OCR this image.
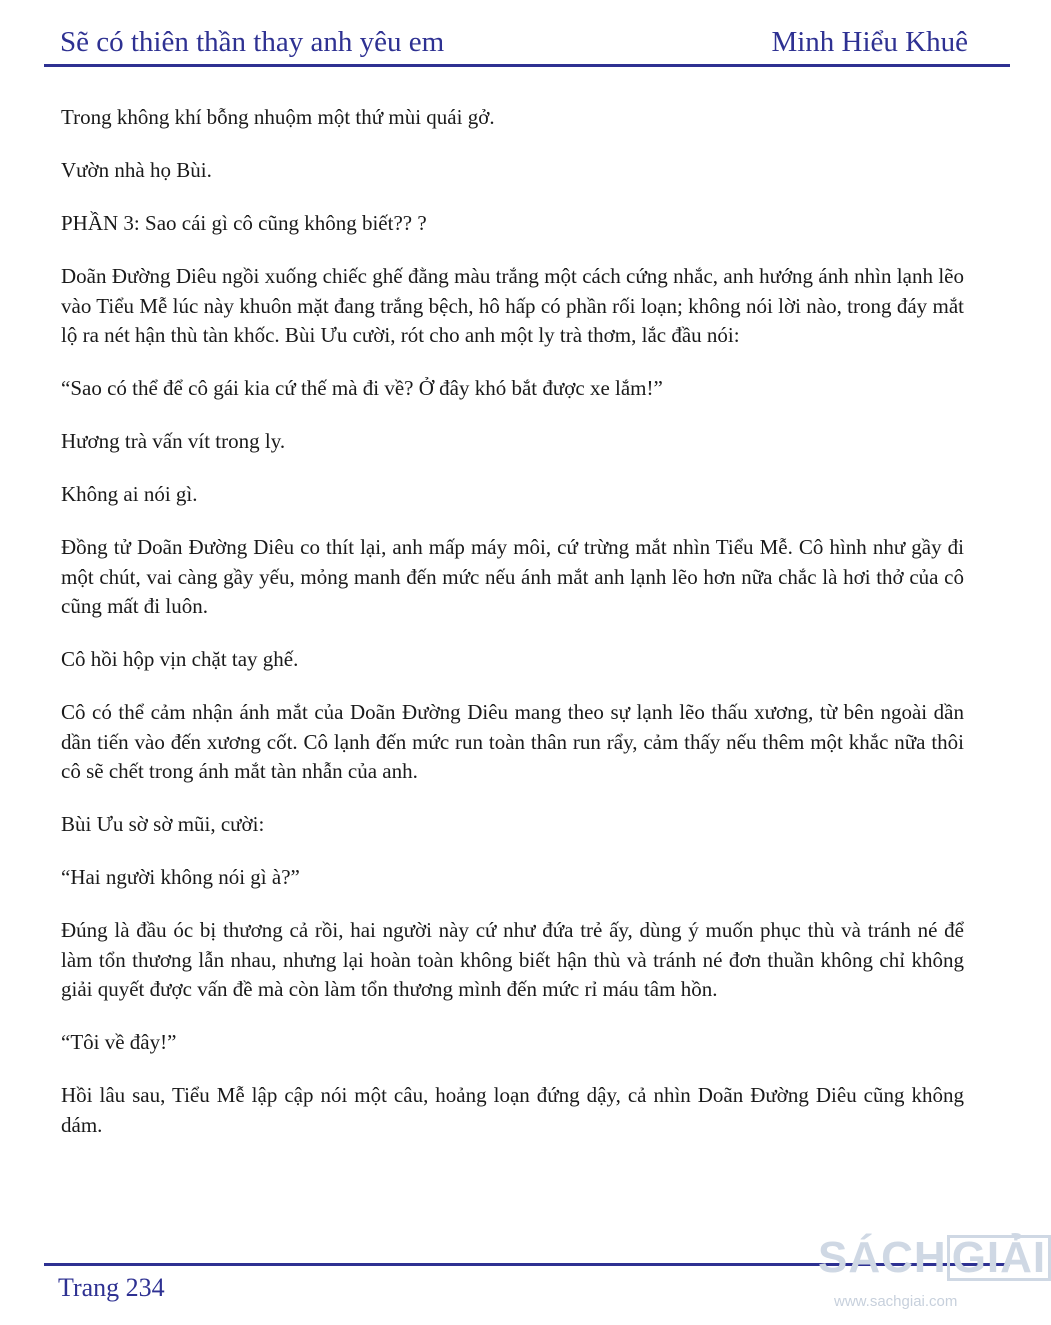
Sẽ có thiên thần thay anh yêu em	Minh Hiểu Khuê

Trong không khí bỗng nhuộm một thứ mùi quái gở.

Vườn nhà họ Bùi.

PHẦN 3: Sao cái gì cô cũng không biết?? ?

Doãn Đường Diêu ngồi xuống chiếc ghế đằng màu trắng một cách cứng nhắc, anh hướng ánh nhìn lạnh lẽo vào Tiểu Mễ lúc này khuôn mặt đang trắng bệch, hô hấp có phần rối loạn; không nói lời nào, trong đáy mắt lộ ra nét hận thù tàn khốc. Bùi Ưu cười, rót cho anh một ly trà thơm, lắc đầu nói:

“Sao có thể để cô gái kia cứ thế mà đi về? Ở đây khó bắt được xe lắm!”

Hương trà vấn vít trong ly.

Không ai nói gì.

Đồng tử Doãn Đường Diêu co thít lại, anh mấp máy môi, cứ trừng mắt nhìn Tiểu Mễ. Cô hình như gầy đi một chút, vai càng gầy yếu, mỏng manh đến mức nếu ánh mắt anh lạnh lẽo hơn nữa chắc là hơi thở của cô cũng mất đi luôn.

Cô hồi hộp vịn chặt tay ghế.

Cô có thể cảm nhận ánh mắt của Doãn Đường Diêu mang theo sự lạnh lẽo thấu xương, từ bên ngoài dần dần tiến vào đến xương cốt. Cô lạnh đến mức run toàn thân run rẩy, cảm thấy nếu thêm một khắc nữa thôi cô sẽ chết trong ánh mắt tàn nhẫn của anh.

Bùi Ưu sờ sờ mũi, cười:

“Hai người không nói gì à?”

Đúng là đầu óc bị thương cả rồi, hai người này cứ như đứa trẻ ấy, dùng ý muốn phục thù và tránh né để làm tổn thương lẫn nhau, nhưng lại hoàn toàn không biết hận thù và tránh né đơn thuần không chỉ không giải quyết được vấn đề mà còn làm tổn thương mình đến mức rỉ máu tâm hồn.

“Tôi về đây!”

Hồi lâu sau, Tiểu Mễ lập cập nói một câu, hoảng loạn đứng dậy, cả nhìn Doãn Đường Diêu cũng không dám.

Trang 234
SÁCH GIẢI
www.sachgiai.com
